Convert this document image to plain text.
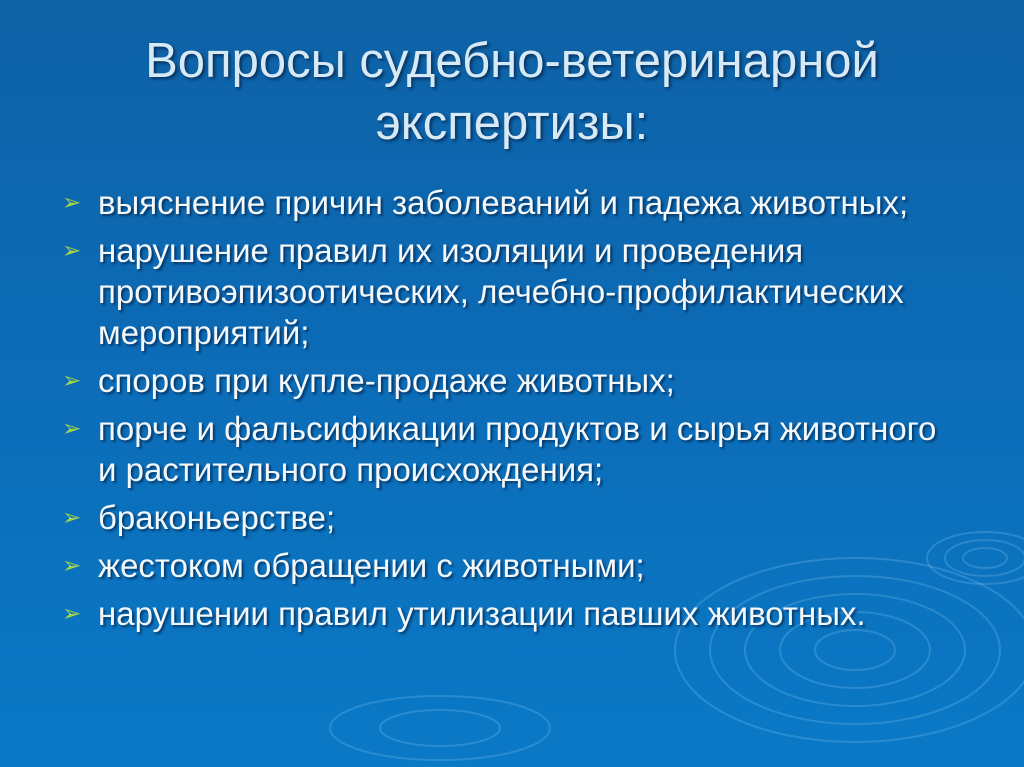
Вопросы судебно-ветеринарной
экспертизы:
➢ выяснение причин заболеваний и падежа животных;
➢ нарушение правил их изоляции и проведения противоэпизоотических, лечебно-профилактических мероприятий;
➢ споров при купле-продаже животных;
➢ порче и фальсификации продуктов и сырья животного и растительного происхождения;
➢ браконьерстве;
➢ жестоком обращении с животными;
➢ нарушении правил утилизации павших животных.
